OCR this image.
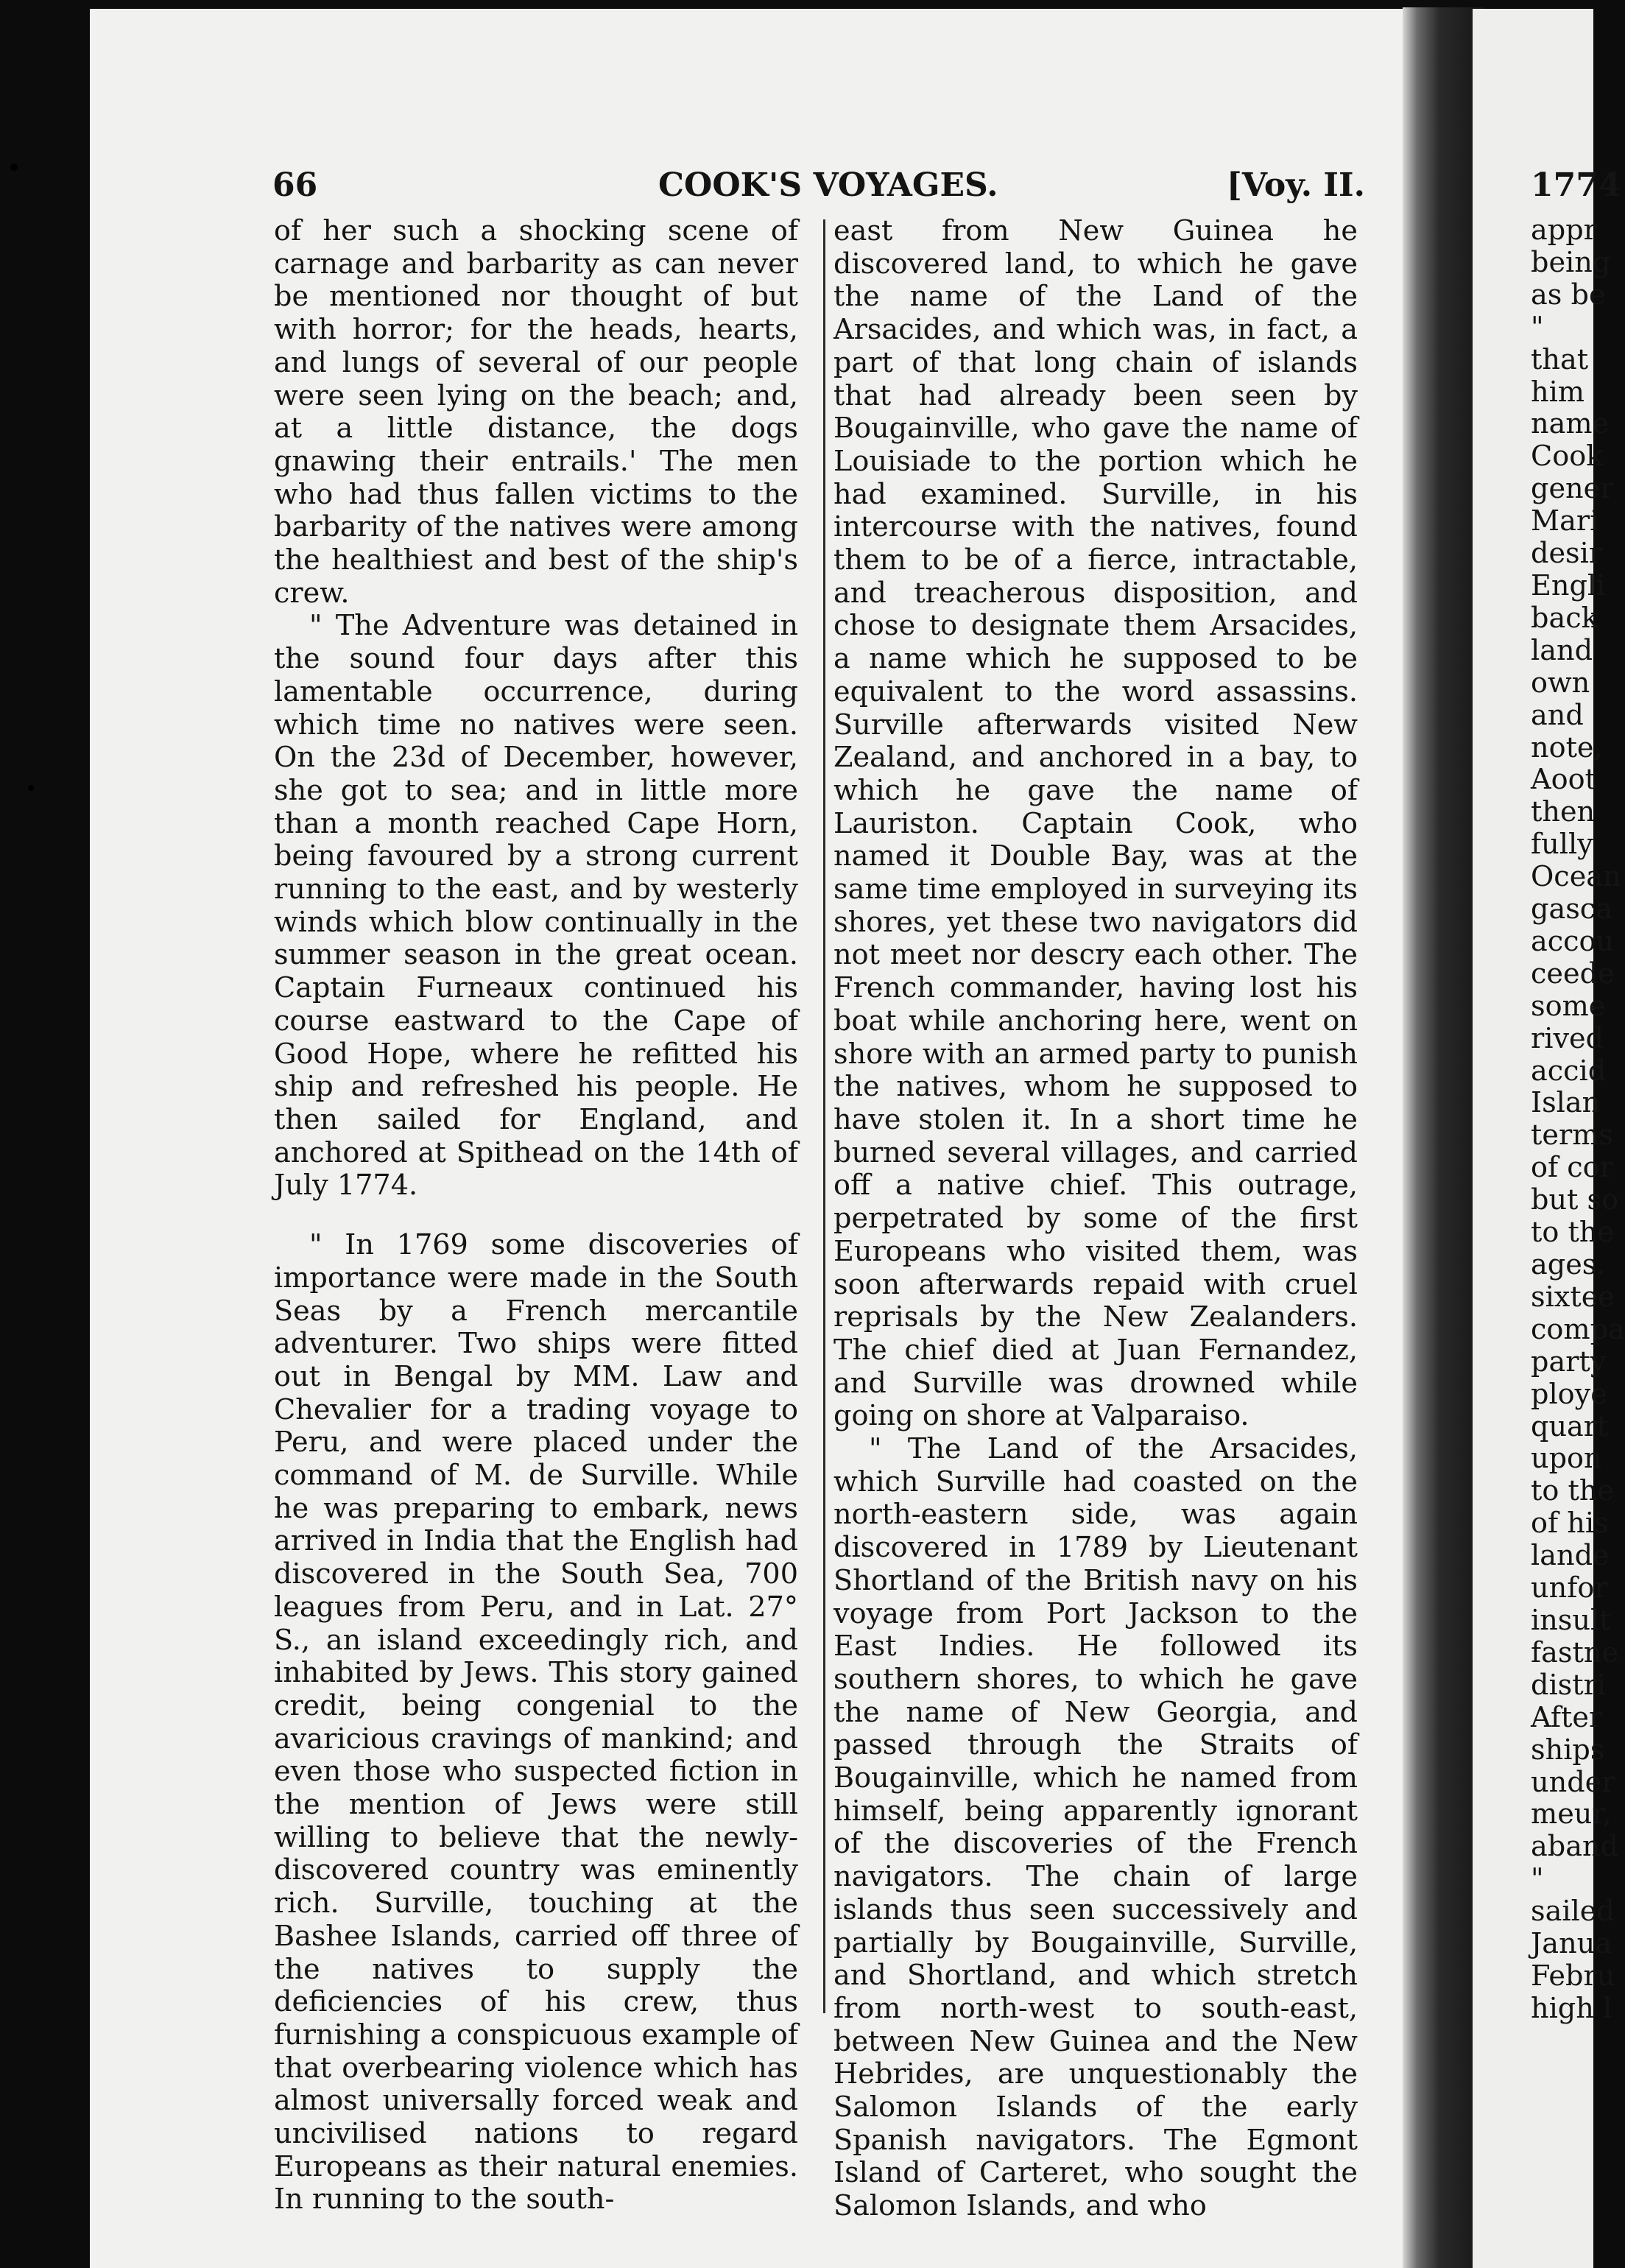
66	COOK'S VOYAGES.	[Voy. II.	1774

of her such a shocking scene of carnage and barbarity as can never be mentioned nor thought of but with horror; for the heads, hearts, and lungs of several of our people were seen lying on the beach; and, at a little distance, the dogs gnawing their entrails.' The men who had thus fallen victims to the barbarity of the natives were among the healthiest and best of the ship's crew.

" The Adventure was detained in the sound four days after this lamentable occurrence, during which time no natives were seen. On the 23d of December, however, she got to sea; and in little more than a month reached Cape Horn, being favoured by a strong current running to the east, and by westerly winds which blow continually in the summer season in the great ocean. Captain Furneaux continued his course eastward to the Cape of Good Hope, where he refitted his ship and refreshed his people. He then sailed for England, and anchored at Spithead on the 14th of July 1774.

" In 1769 some discoveries of importance were made in the South Seas by a French mercantile adventurer. Two ships were fitted out in Bengal by MM. Law and Chevalier for a trading voyage to Peru, and were placed under the command of M. de Surville. While he was preparing to embark, news arrived in India that the English had discovered in the South Sea, 700 leagues from Peru, and in Lat. 27° S., an island exceedingly rich, and inhabited by Jews. This story gained credit, being congenial to the avaricious cravings of mankind; and even those who suspected fiction in the mention of Jews were still willing to believe that the newly-discovered country was eminently rich. Surville, touching at the Bashee Islands, carried off three of the natives to supply the deficiencies of his crew, thus furnishing a conspicuous example of that overbearing violence which has almost universally forced weak and uncivilised nations to regard Europeans as their natural enemies. In running to the south-

east from New Guinea he discovered land, to which he gave the name of the Land of the Arsacides, and which was, in fact, a part of that long chain of islands that had already been seen by Bougainville, who gave the name of Louisiade to the portion which he had examined. Surville, in his intercourse with the natives, found them to be of a fierce, intractable, and treacherous disposition, and chose to designate them Arsacides, a name which he supposed to be equivalent to the word assassins. Surville afterwards visited New Zealand, and anchored in a bay, to which he gave the name of Lauriston. Captain Cook, who named it Double Bay, was at the same time employed in surveying its shores, yet these two navigators did not meet nor descry each other. The French commander, having lost his boat while anchoring here, went on shore with an armed party to punish the natives, whom he supposed to have stolen it. In a short time he burned several villages, and carried off a native chief. This outrage, perpetrated by some of the first Europeans who visited them, was soon afterwards repaid with cruel reprisals by the New Zealanders. The chief died at Juan Fernandez, and Surville was drowned while going on shore at Valparaiso.

" The Land of the Arsacides, which Surville had coasted on the north-eastern side, was again discovered in 1789 by Lieutenant Shortland of the British navy on his voyage from Port Jackson to the East Indies. He followed its southern shores, to which he gave the name of New Georgia, and passed through the Straits of Bougainville, which he named from himself, being apparently ignorant of the discoveries of the French navigators. The chain of large islands thus seen successively and partially by Bougainville, Surville, and Shortland, and which stretch from north-west to south-east, between New Guinea and the New Hebrides, are unquestionably the Salomon Islands of the early Spanish navigators. The Egmont Island of Carteret, who sought the Salomon Islands, and who

appr
being
as be
"
that
him
name
Cook
gener
Mari
desir
Engli
back
land
own
and
note,
Aoot
then
fully
Ocean
gasca
accou
ceede
some
rived
accid
Islan
terms
of cor
but so
to the
ages.
sixtee
compa
party
ploye
quart
upon
to the
of his
lande
unfor
insult
fastne
distri
After
ships
under
meur,
aband
"
sailed
Janua
Febru
high l
